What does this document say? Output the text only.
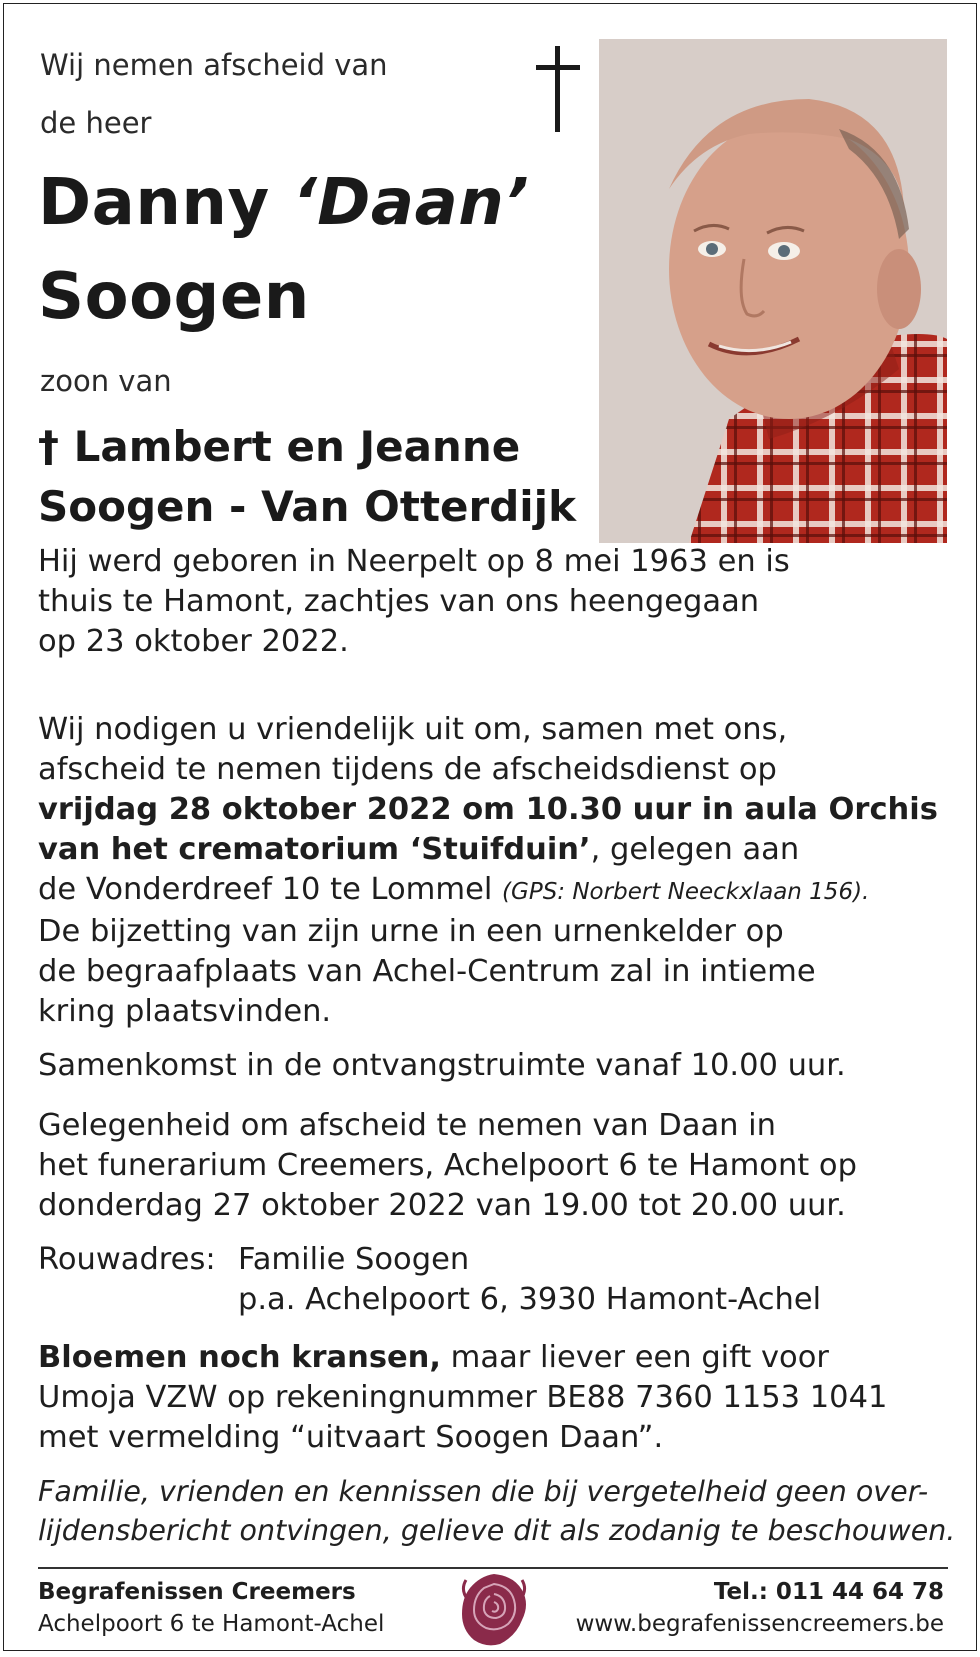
Wij nemen afscheid van
de heer
Danny ‘Daan’
Soogen
zoon van
† Lambert en Jeanne
Soogen - Van Otterdijk
Hij werd geboren in Neerpelt op 8 mei 1963 en is
thuis te Hamont, zachtjes van ons heengegaan
op 23 oktober 2022.
Wij nodigen u vriendelijk uit om, samen met ons,
afscheid te nemen tijdens de afscheidsdienst op
vrijdag 28 oktober 2022 om 10.30 uur in aula Orchis
van het crematorium ‘Stuifduin’, gelegen aan
de Vonderdreef 10 te Lommel (GPS: Norbert Neeckxlaan 156).
De bijzetting van zijn urne in een urnenkelder op
de begraafplaats van Achel-Centrum zal in intieme
kring plaatsvinden.
Samenkomst in de ontvangstruimte vanaf 10.00 uur.
Gelegenheid om afscheid te nemen van Daan in
het funerarium Creemers, Achelpoort 6 te Hamont op
donderdag 27 oktober 2022 van 19.00 tot 20.00 uur.
Rouwadres: Familie Soogen
p.a. Achelpoort 6, 3930 Hamont-Achel
Bloemen noch kransen, maar liever een gift voor
Umoja VZW op rekeningnummer BE88 7360 1153 1041
met vermelding “uitvaart Soogen Daan”.
Familie, vrienden en kennissen die bij vergetelheid geen over-
lijdensbericht ontvingen, gelieve dit als zodanig te beschouwen.
Begrafenissen Creemers
Achelpoort 6 te Hamont-Achel
Tel.: 011 44 64 78
www.begrafenissencreemers.be
